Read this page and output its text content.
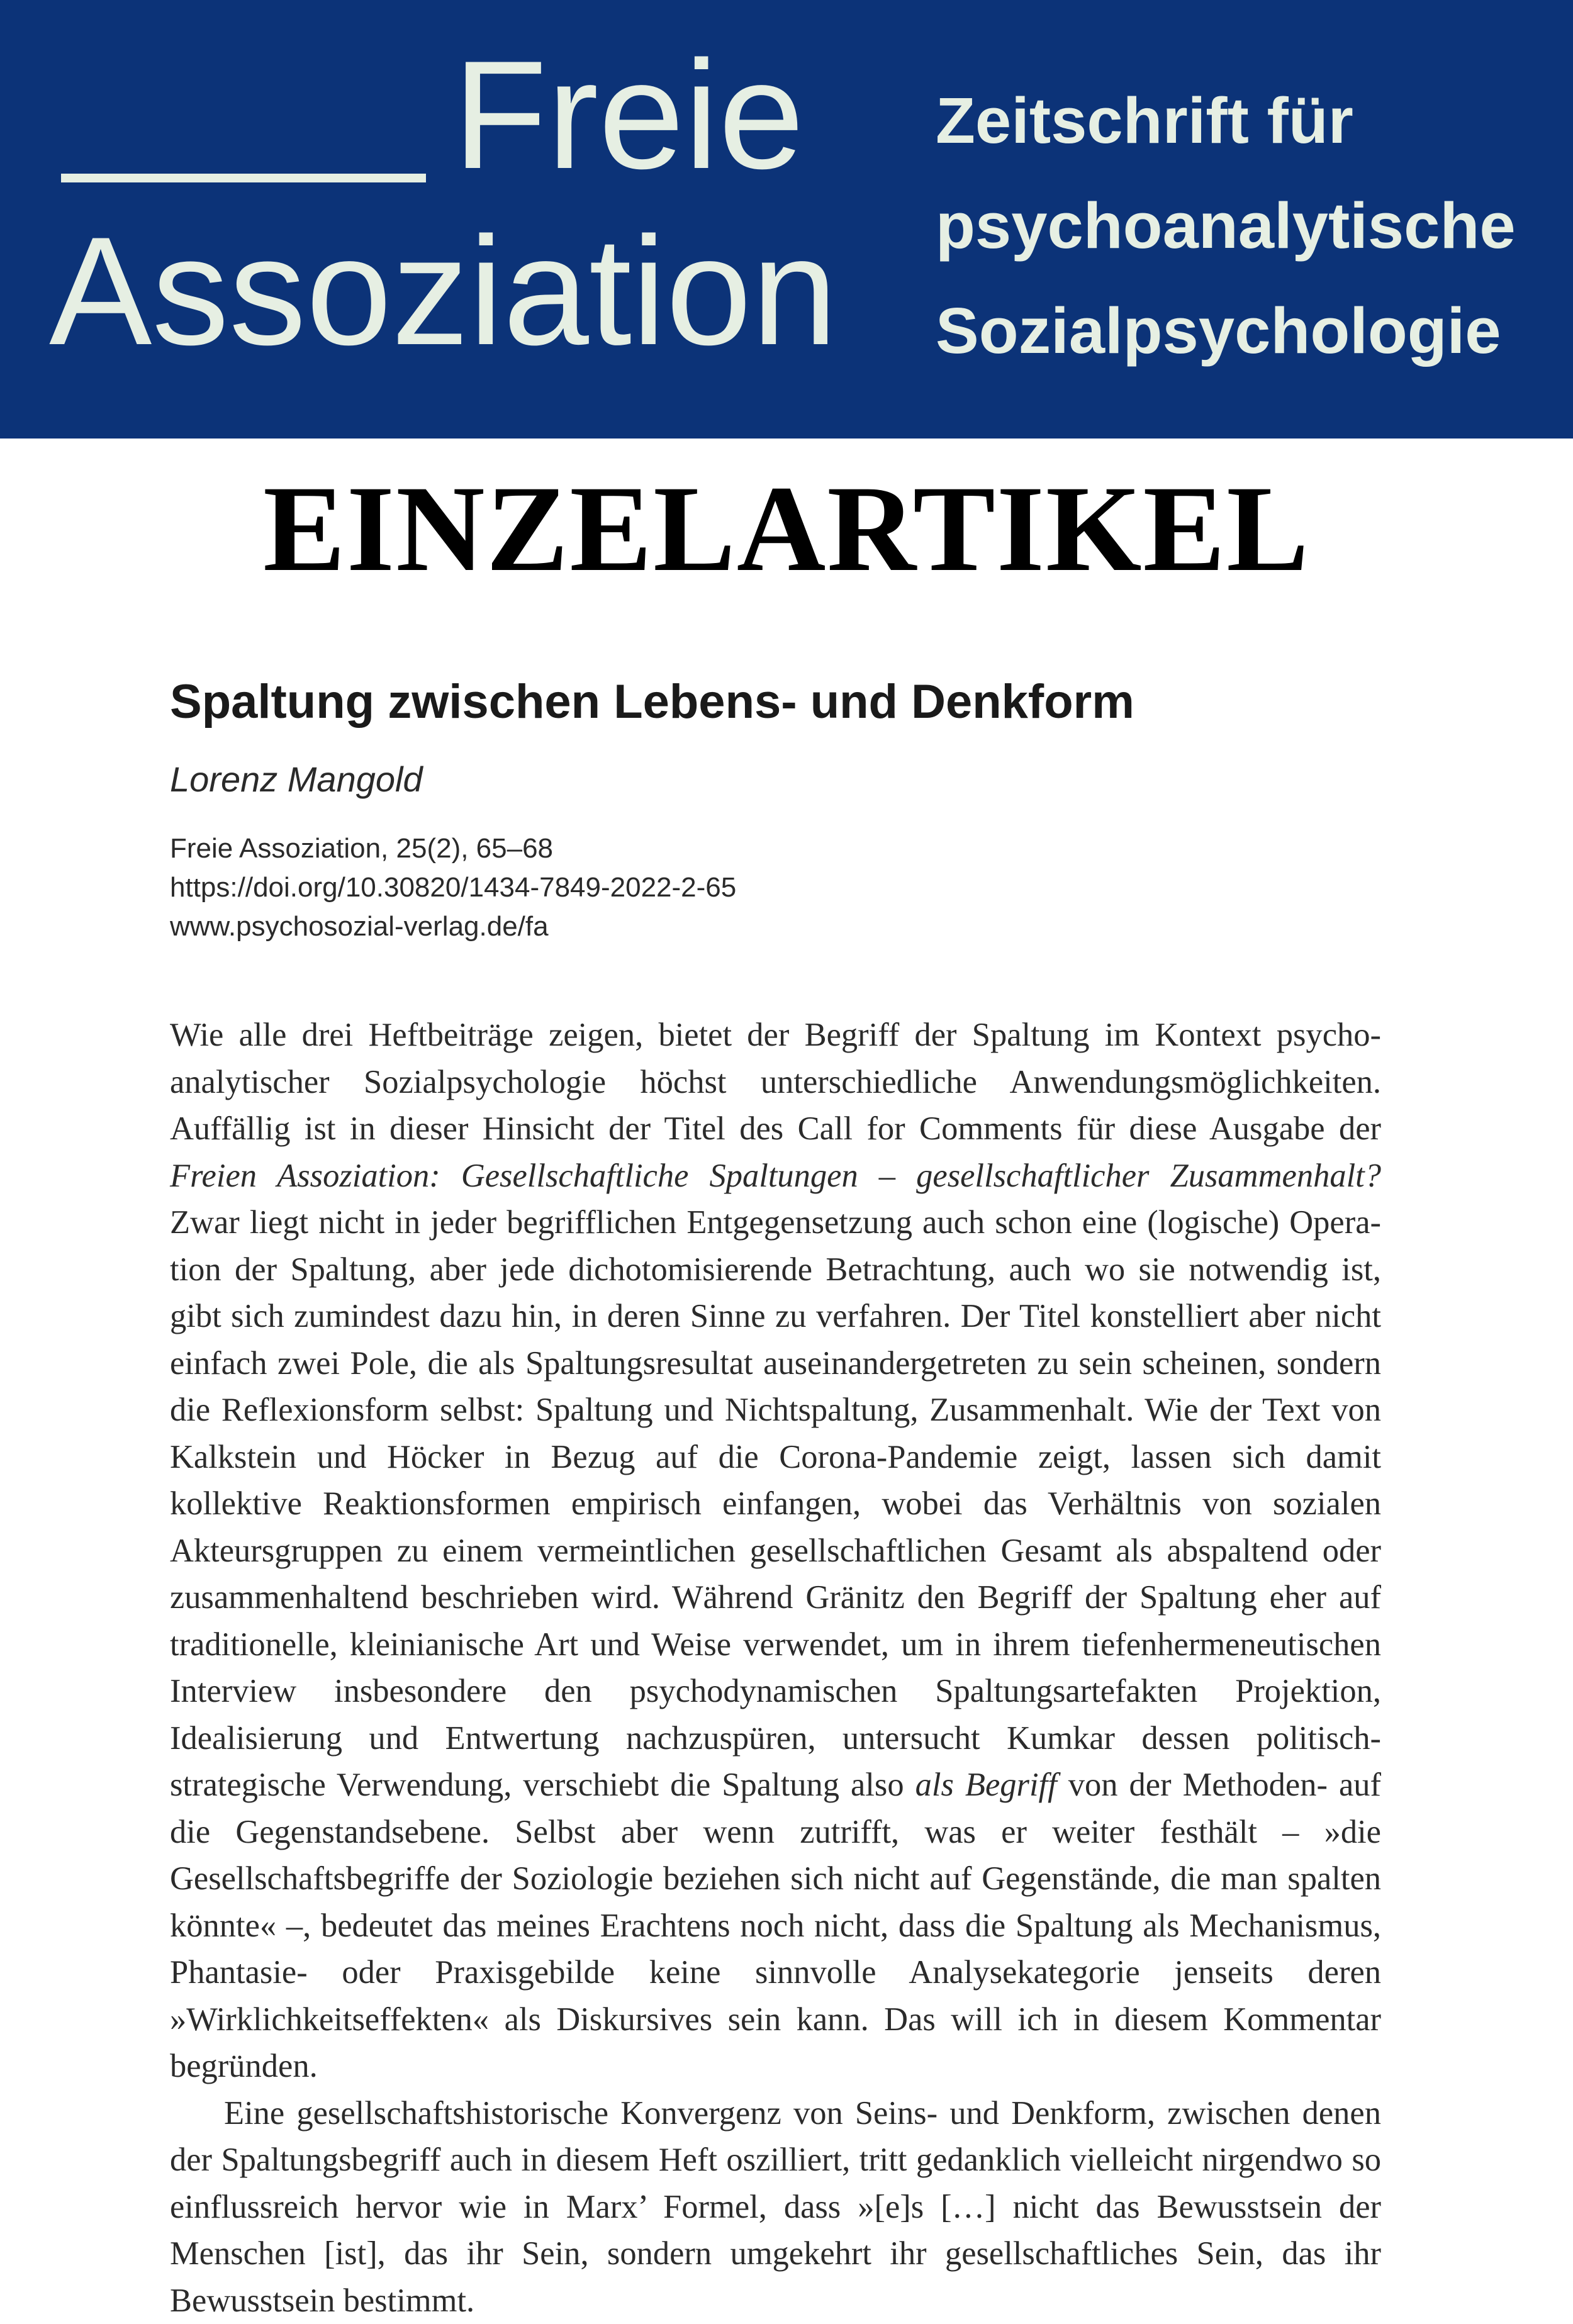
Freie
Assoziation
Zeitschrift für
psychoanalytische
Sozialpsychologie
EINZELARTIKEL
Spaltung zwischen Lebens- und Denkform
Lorenz Mangold
Freie Assoziation, 25(2), 65–68
https://doi.org/10.30820/1434-7849-2022-2-65
www.psychosozial-verlag.de/fa

Wie alle drei Heftbeiträge zeigen, bietet der Begriff der Spaltung im Kontext psychoanalytischer Sozialpsychologie höchst unterschiedliche Anwendungsmöglichkeiten. Auffällig ist in dieser Hinsicht der Titel des Call for Comments für diese Ausgabe der Freien Assoziation: Gesellschaftliche Spaltungen – gesellschaftlicher Zusammenhalt? Zwar liegt nicht in jeder begrifflichen Entgegensetzung auch schon eine (logische) Operation der Spaltung, aber jede dichotomisierende Betrachtung, auch wo sie notwendig ist, gibt sich zumindest dazu hin, in deren Sinne zu verfahren. Der Titel konstelliert aber nicht einfach zwei Pole, die als Spaltungsresultat auseinandergetreten zu sein scheinen, sondern die Reflexionsform selbst: Spaltung und Nichtspaltung, Zusammenhalt. Wie der Text von Kalkstein und Höcker in Bezug auf die Corona-Pandemie zeigt, lassen sich damit kollektive Reaktionsformen empirisch einfangen, wobei das Verhältnis von sozialen Akteursgruppen zu einem vermeintlichen gesellschaftlichen Gesamt als abspaltend oder zusammenhaltend beschrieben wird. Während Gränitz den Begriff der Spaltung eher auf traditionelle, kleinianische Art und Weise verwendet, um in ihrem tiefenhermeneutischen Interview insbesondere den psychodynamischen Spaltungsartefakten Projektion, Idealisierung und Entwertung nachzuspüren, untersucht Kumkar dessen politisch-strategische Verwendung, verschiebt die Spaltung also als Begriff von der Methoden- auf die Gegenstandsebene. Selbst aber wenn zutrifft, was er weiter festhält – »die Gesellschaftsbegriffe der Soziologie beziehen sich nicht auf Gegenstände, die man spalten könnte« –, bedeutet das meines Erachtens noch nicht, dass die Spaltung als Mechanismus, Phantasie- oder Praxisgebilde keine sinnvolle Analysekategorie jenseits deren »Wirklichkeitseffekten« als Diskursives sein kann. Das will ich in diesem Kommentar begründen.

Eine gesellschaftshistorische Konvergenz von Seins- und Denkform, zwischen denen der Spaltungsbegriff auch in diesem Heft oszilliert, tritt gedanklich vielleicht nirgendwo so einflussreich hervor wie in Marx’ Formel, dass »[e]s […] nicht das Bewusstsein der Menschen [ist], das ihr Sein, sondern umgekehrt ihr gesellschaftliches Sein, das ihr Bewusstsein bestimmt.
